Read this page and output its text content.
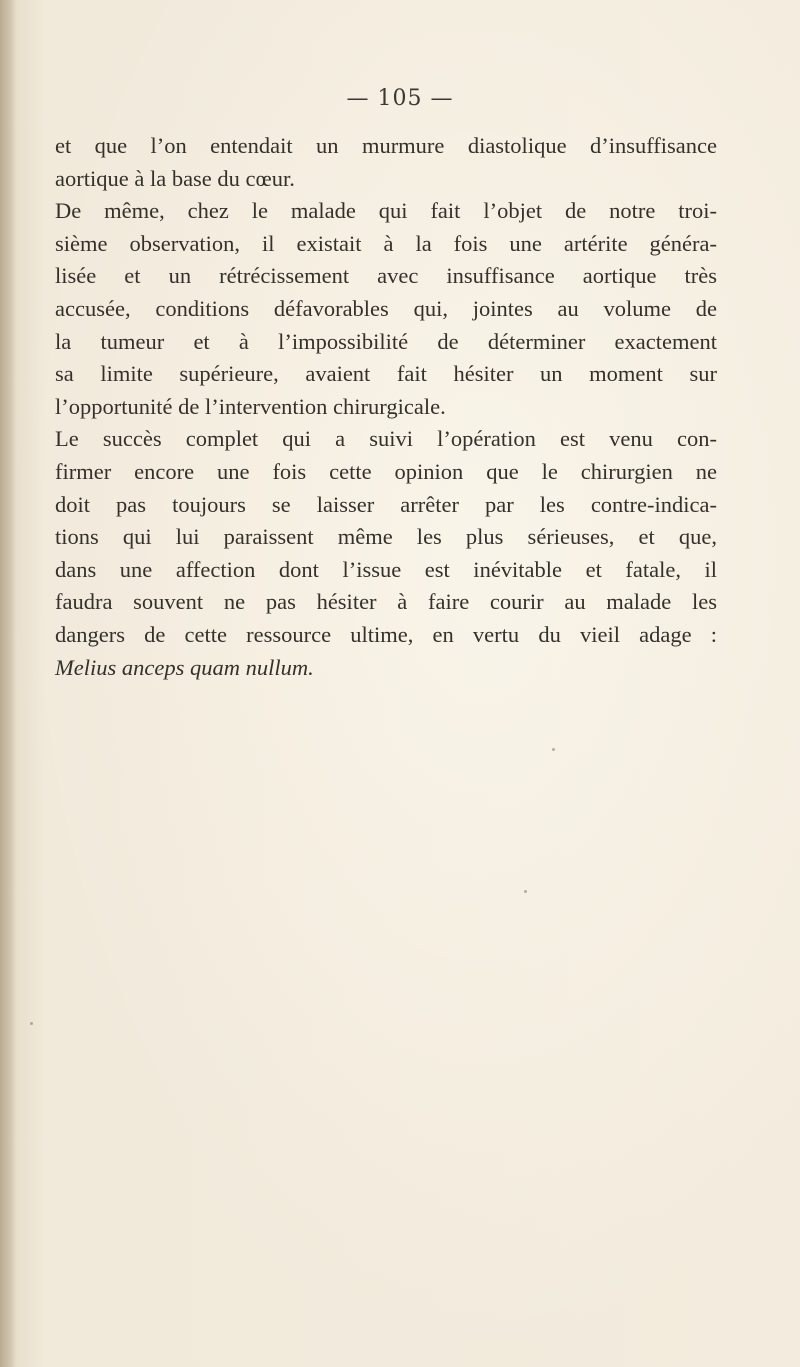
— 105 —

et que l’on entendait un murmure diastolique d’insuffisance
aortique à la base du cœur.
De même, chez le malade qui fait l’objet de notre troi-
sième observation, il existait à la fois une artérite généra-
lisée et un rétrécissement avec insuffisance aortique très
accusée, conditions défavorables qui, jointes au volume de
la tumeur et à l’impossibilité de déterminer exactement
sa limite supérieure, avaient fait hésiter un moment sur
l’opportunité de l’intervention chirurgicale.
Le succès complet qui a suivi l’opération est venu con-
firmer encore une fois cette opinion que le chirurgien ne
doit pas toujours se laisser arrêter par les contre-indica-
tions qui lui paraissent même les plus sérieuses, et que,
dans une affection dont l’issue est inévitable et fatale, il
faudra souvent ne pas hésiter à faire courir au malade les
dangers de cette ressource ultime, en vertu du vieil adage :
Melius anceps quam nullum.
